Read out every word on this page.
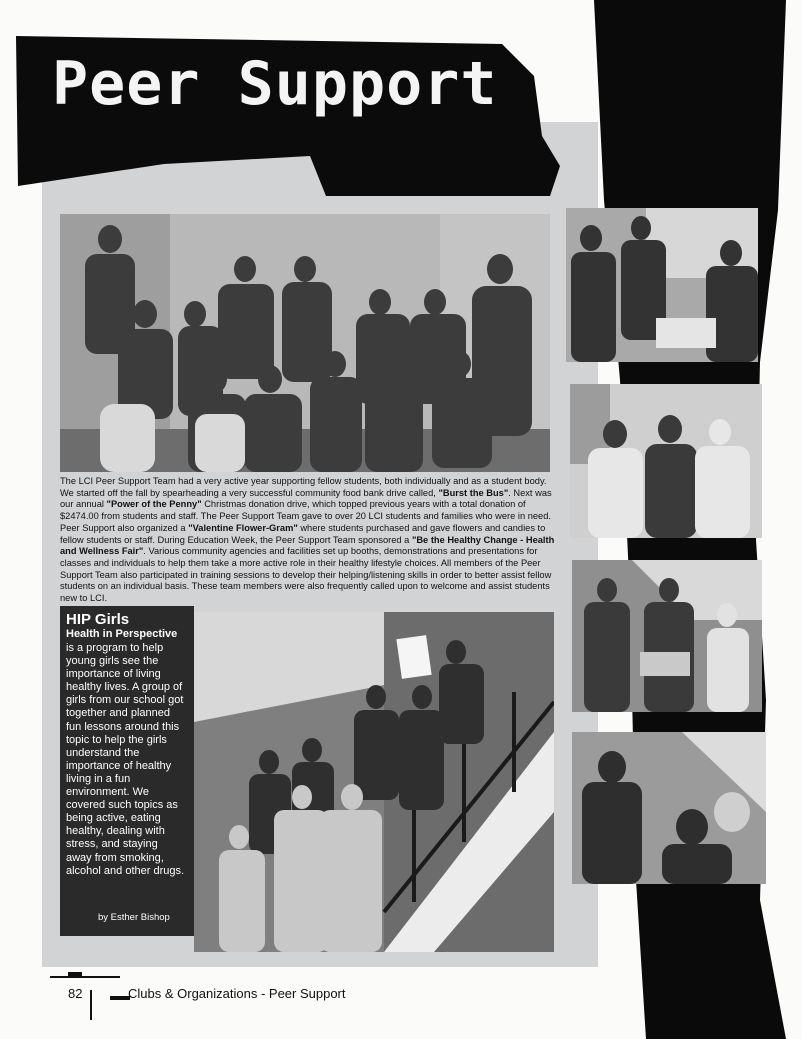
Peer Support
The LCI Peer Support Team had a very active year supporting fellow students, both individually and as a student body. We started off the fall by spearheading a very successful community food bank drive called, "Burst the Bus". Next was our annual "Power of the Penny" Christmas donation drive, which topped previous years with a total donation of $2474.00 from students and staff. The Peer Support Team gave to over 20 LCI students and families who were in need. Peer Support also organized a "Valentine Flower-Gram" where students purchased and gave flowers and candies to fellow students or staff. During Education Week, the Peer Support Team sponsored a "Be the Healthy Change - Health and Wellness Fair". Various community agencies and facilities set up booths, demonstrations and presentations for classes and individuals to help them take a more active role in their healthy lifestyle choices. All members of the Peer Support Team also participated in training sessions to develop their helping/listening skills in order to better assist fellow students on an individual basis. These team members were also frequently called upon to welcome and assist students new to LCI.
HIP Girls
Health in Perspective
is a program to help young girls see the importance of living healthy lives. A group of girls from our school got together and planned fun lessons around this topic to help the girls understand the importance of healthy living in a fun environment. We covered such topics as being active, eating healthy, dealing with stress, and staying away from smoking, alcohol and other drugs.
by Esther Bishop
82	Clubs & Organizations - Peer Support
